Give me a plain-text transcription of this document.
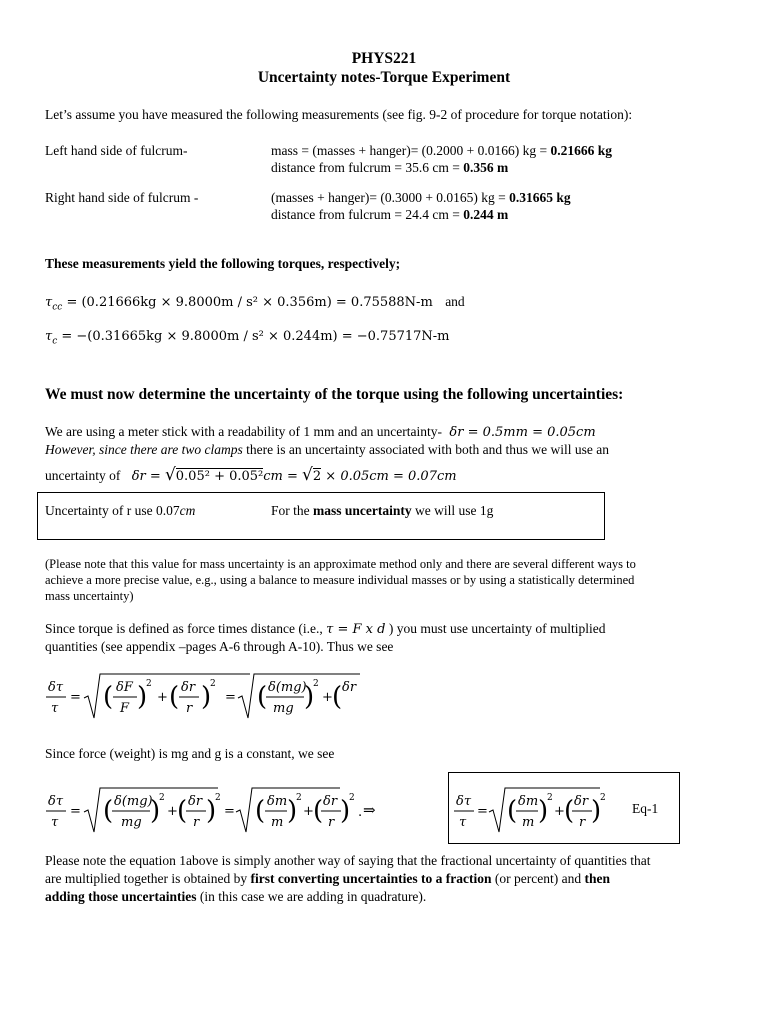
PHYS221
Uncertainty notes-Torque Experiment
Let’s assume you have measured the following measurements (see fig. 9-2 of procedure for torque notation):
Left hand side of fulcrum-	mass = (masses + hanger)= (0.2000 + 0.0166) kg = 0.21666 kg
distance from fulcrum = 35.6 cm = 0.356 m
Right hand side of fulcrum -	(masses + hanger)= (0.3000 + 0.0165) kg = 0.31665 kg
distance from fulcrum = 24.4 cm = 0.244 m
These measurements yield the following torques, respectively;
$\tau_{cc} = (0.21666kg \times 9.8000m / s^2 \times 0.356m) = 0.75588N-m$ and
$\tau_c = -(0.31665kg \times 9.8000m / s^2 \times 0.244m) = -0.75717N-m$
We must now determine the uncertainty of the torque using the following uncertainties:
We are using a meter stick with a readability of 1 mm and an uncertainty- δr = 0.5mm = 0.05cm
However, since there are two clamps there is an uncertainty associated with both and thus we will use an
uncertainty of δr = √0.05² + 0.05²cm = √2 × 0.05cm = 0.07cm
Uncertainty of r use 0.07cm	For the mass uncertainty we will use 1g
(Please note that this value for mass uncertainty is an approximate method only and there are several different ways to
achieve a more precise value, e.g., using a balance to measure individual masses or by using a statistically determined
mass uncertainty)
Since torque is defined as force times distance (i.e., τ = F x d ) you must use uncertainty of multiplied
quantities (see appendix –pages A-6 through A-10). Thus we see
δτ
τ
= ( δF
F )
2
+ ( δr
r )
2
= ( δ(mg)
mg )
2
+ ( δr
Since force (weight) is mg and g is a constant, we see
δτ
τ
= ( δ(mg)
mg )
2
+ ( δr
r )
2
= ( δm
m )
2
+ ( δr
r )
2
. ⇒	δτ
τ
= ( δm
m )
2
+ ( δr
r )
2
Eq-1
Please note the equation 1above is simply another way of saying that the fractional uncertainty of quantities that
are multiplied together is obtained by first converting uncertainties to a fraction (or percent) and then
adding those uncertainties (in this case we are adding in quadrature).
